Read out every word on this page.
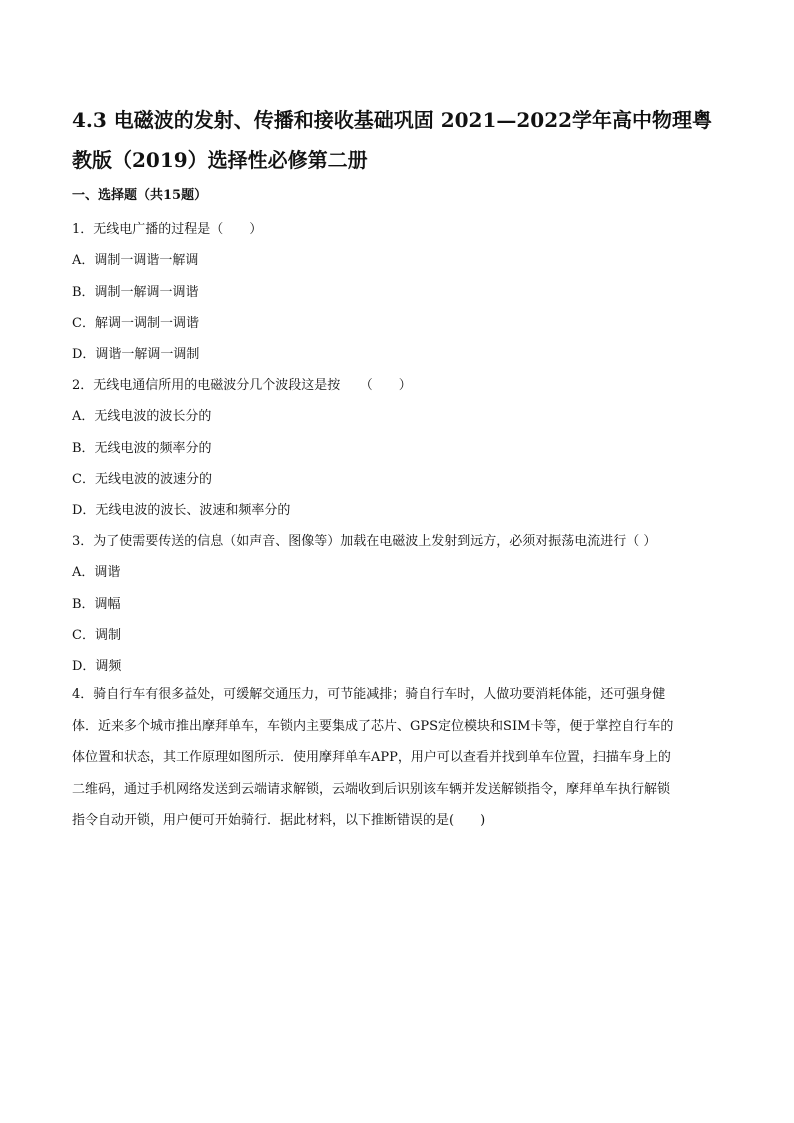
4.3 电磁波的发射、传播和接收基础巩固 2021—2022学年高中物理粤
教版（2019）选择性必修第二册
一、选择题（共15题）
1．无线电广播的过程是（　　）
A．调制一调谐一解调
B．调制一解调一调谐
C．解调一调制一调谐
D．调谐一解调一调制
2．无线电通信所用的电磁波分几个波段这是按　　（　　）
A．无线电波的波长分的
B．无线电波的频率分的
C．无线电波的波速分的
D．无线电波的波长、波速和频率分的
3．为了使需要传送的信息（如声音、图像等）加载在电磁波上发射到远方，必须对振荡电流进行（ ）
A．调谐
B．调幅
C．调制
D．调频
4．骑自行车有很多益处，可缓解交通压力，可节能减排；骑自行车时，人做功要消耗体能，还可强身健
体．近来多个城市推出摩拜单车，车锁内主要集成了芯片、GPS定位模块和SIM卡等，便于掌控自行车的
体位置和状态，其工作原理如图所示．使用摩拜单车APP，用户可以查看并找到单车位置，扫描车身上的
二维码，通过手机网络发送到云端请求解锁，云端收到后识别该车辆并发送解锁指令，摩拜单车执行解锁
指令自动开锁，用户便可开始骑行．据此材料，以下推断错误的是(　　)
